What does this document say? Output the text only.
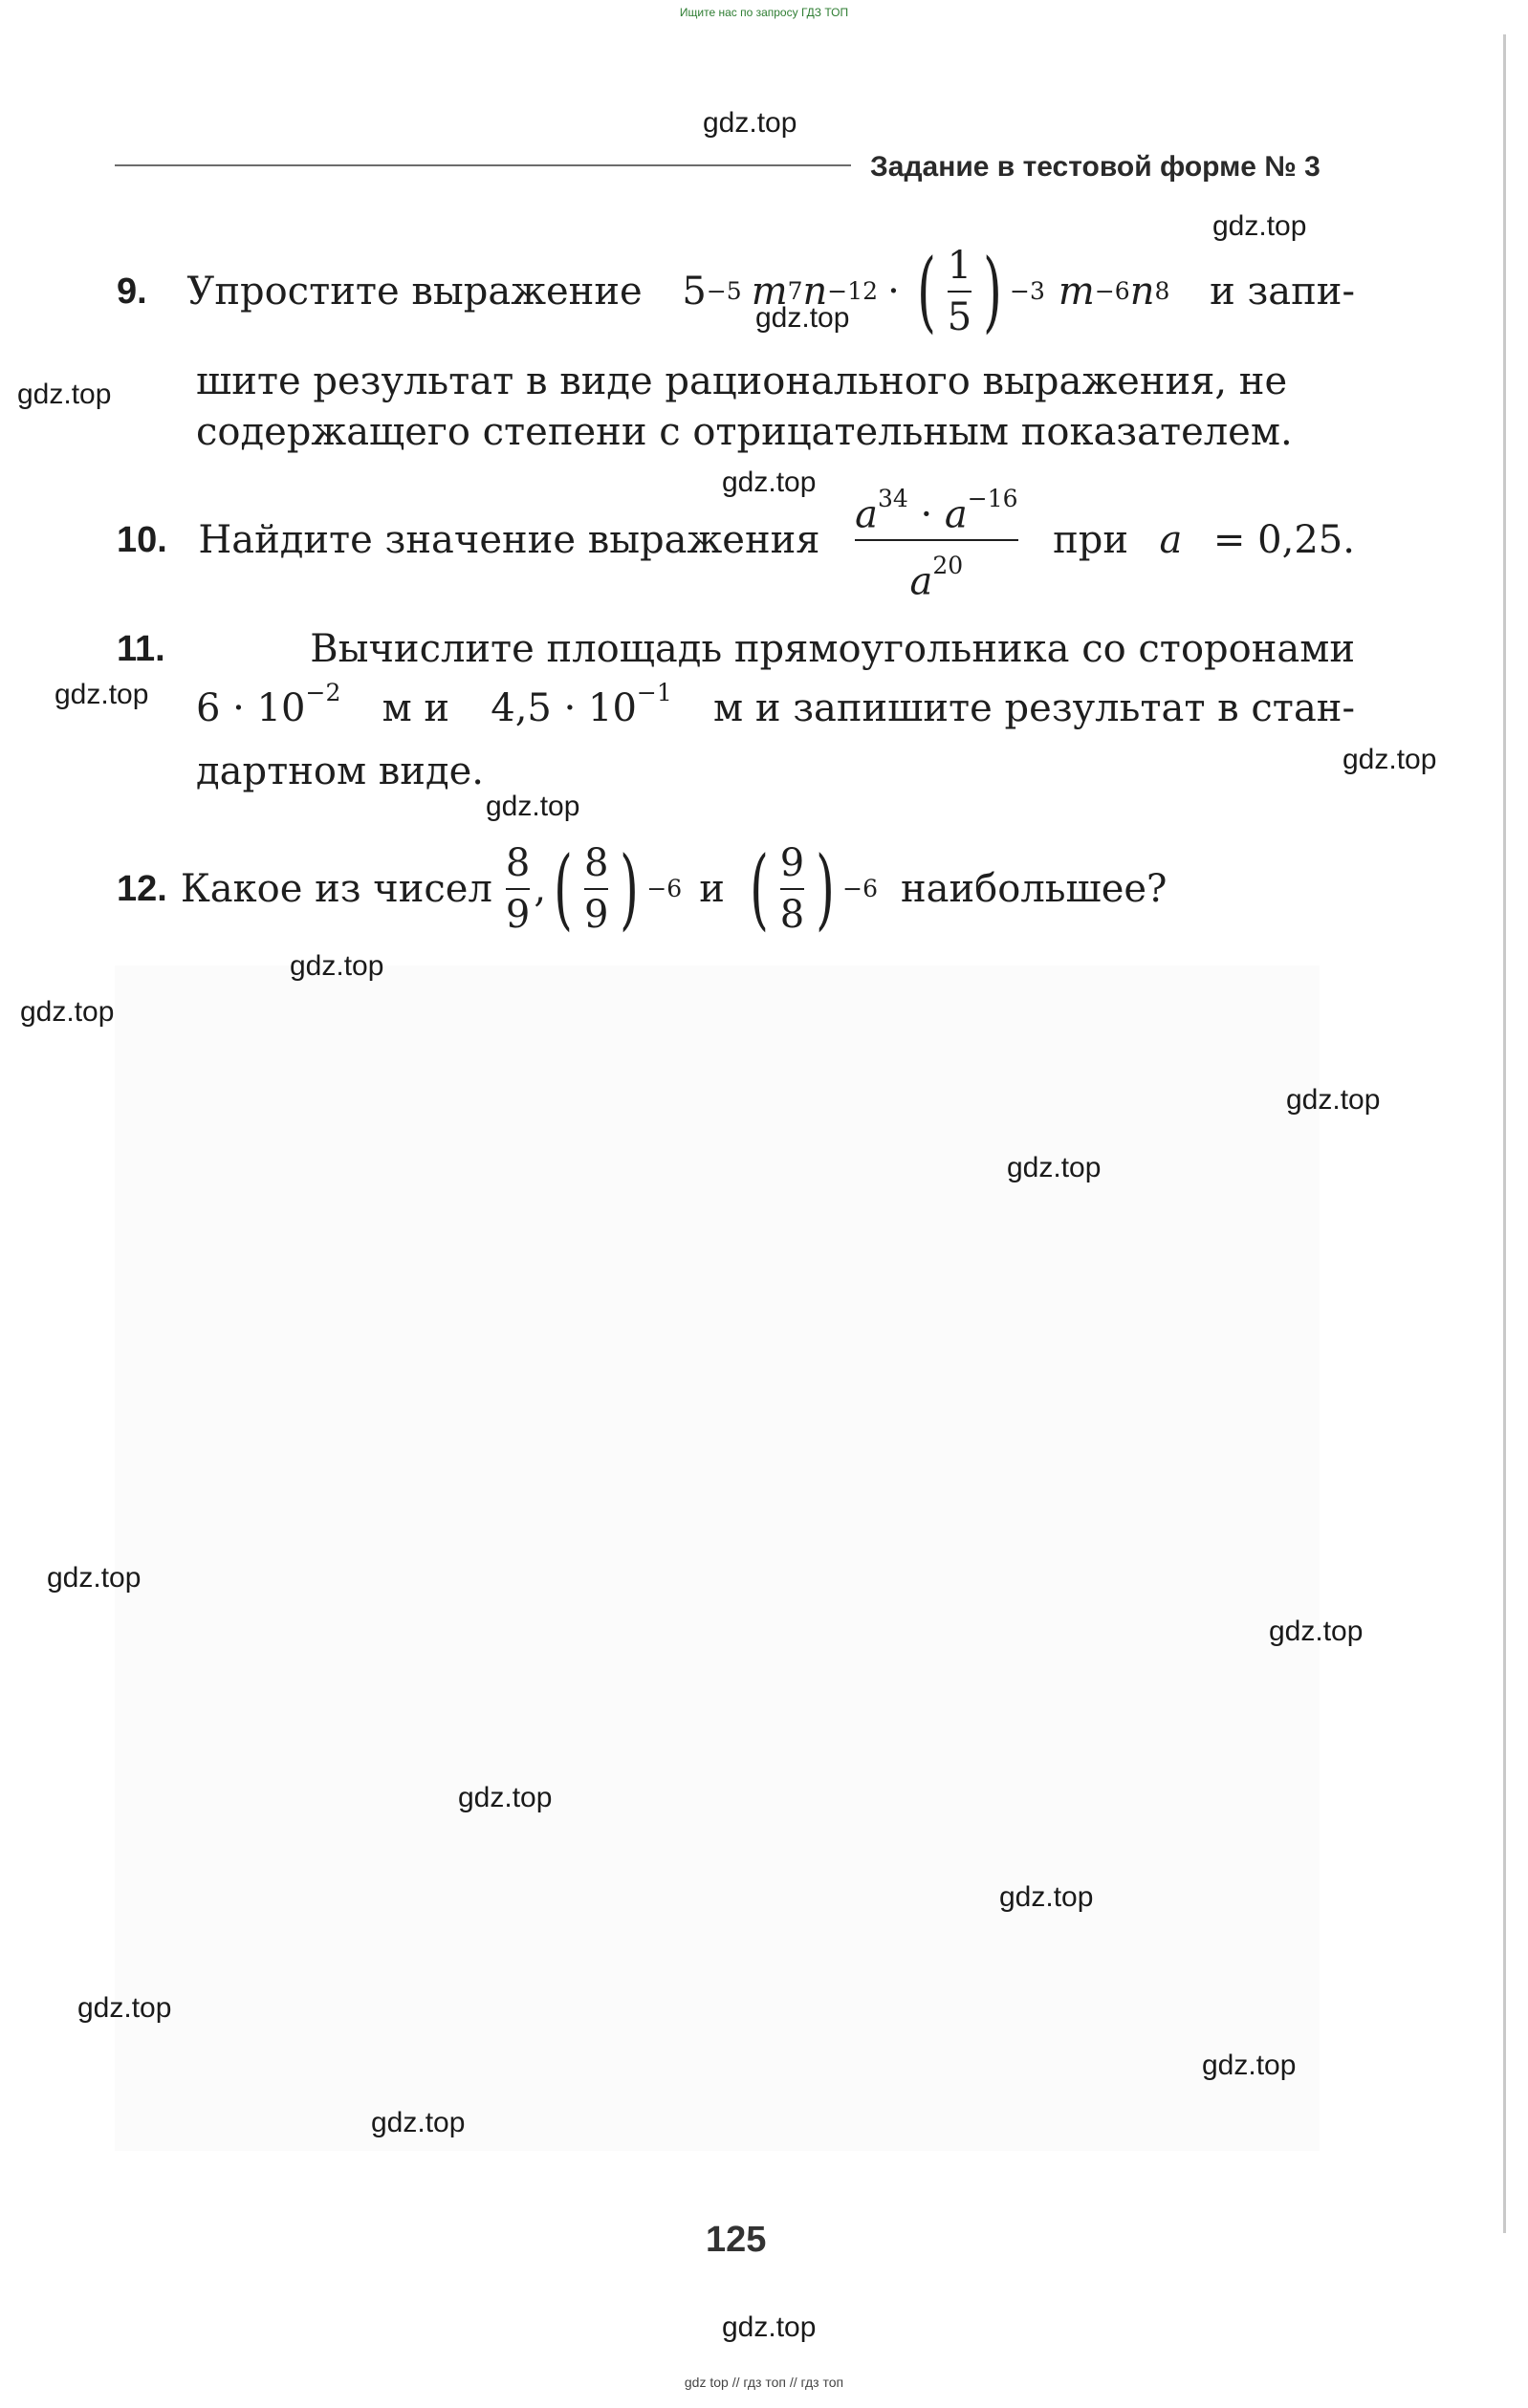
Ищите нас по запросу ГДЗ ТОП
Задание в тестовой форме № 3
9. Упростите выражение 5 −5 m 7 n −12 · ( $\frac{1}{5}$ ) −3 m −6 n 8 и запи-
шите результат в виде рационального выражения, не
содержащего степени с отрицательным показателем.
10. Найдите значение выражения $\frac{a^{34} \cdot a^{-16}}{a^{20}}$ при a = 0,25.
11.	Вычислите площадь прямоугольника со сторонами
$6 \cdot 10^{-2}$ м и $4,5 \cdot 10^{-1}$ м и запишите результат в стан-
дартном виде.
12. Какое из чисел $\frac{8}{9}$ , ( $\frac{8}{9}$ ) −6 и ( $\frac{9}{8}$ ) −6 наибольшее?
125
gdz top // гдз топ // гдз топ
gdz.top
gdz.top
gdz.top
gdz.top
gdz.top
gdz.top
gdz.top
gdz.top
gdz.top
gdz.top
gdz.top
gdz.top
gdz.top
gdz.top
gdz.top
gdz.top
gdz.top
gdz.top
gdz.top
gdz.top
